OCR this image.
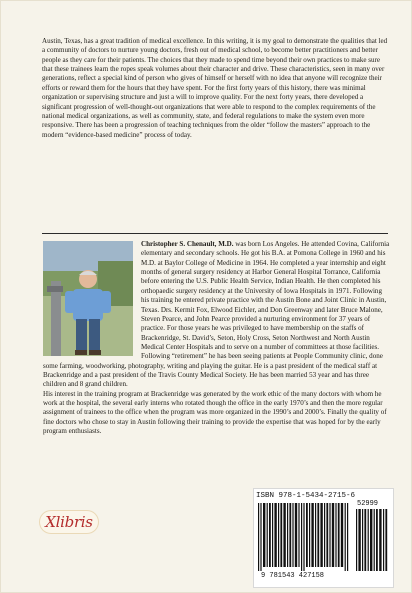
Austin, Texas, has a great tradition of medical excellence. In this writing, it is my goal to demonstrate the qualities that led a community of doctors to nurture young doctors, fresh out of medical school, to become better practitioners and better people as they care for their patients. The choices that they made to spend time beyond their own practices to make sure that these trainees learn the ropes speak volumes about their character and drive. These characteristics, seen in many over generations, reflect a special kind of person who gives of himself or herself with no idea that anyone will recognize their efforts or reward them for the hours that they have spent. For the first forty years of this history, there was minimal organization or supervising structure and just a will to improve quality. For the next forty years, there developed a significant progression of well-thought-out organizations that were able to respond to the complex requirements of the national medical organizations, as well as community, state, and federal regulations to make the system even more responsive. There has been a progression of teaching techniques from the older “follow the masters” approach to the modern “evidence-based medicine” process of today.

Christopher S. Chenault, M.D. was born Los Angeles. He attended Covina, California elementary and secondary schools. He got his B.A. at Pomona College in 1960 and his M.D. at Baylor College of Medicine in 1964. He completed a year internship and eight months of general surgery residency at Harbor General Hospital Torrance, California before entering the U.S. Public Health Service, Indian Health. He then completed his orthopaedic surgery residency at the University of Iowa Hospitals in 1971. Following his training he entered private practice with the Austin Bone and Joint Clinic in Austin, Texas. Drs. Kermit Fox, Elwood Eichler, and Don Greenway and later Bruce Malone, Steven Pearce, and John Pearce provided a nurturing environment for 37 years of practice. For those years he was privileged to have membership on the staffs of Brackenridge, St. David’s, Seton, Holy Cross, Seton Northwest and North Austin Medical Center Hospitals and to serve on a number of committees at those facilities. Following “retirement” he has been seeing patients at People Community clinic, done some farming, woodworking, photography, writing and playing the guitar. He is a past president of the medical staff at Brackenridge and a past president of the Travis County Medical Society. He has been married 53 year and has three children and 8 grand children.

His interest in the training program at Brackenridge was generated by the work ethic of the many doctors with whom he work at the hospital, the several early interns who rotated though the office in the early 1970’s and then the more regular assignment of trainees to the office when the program was more organized in the 1990’s and 2000’s. Finally the quality of fine doctors who chose to stay in Austin following their training to provide the expertise that was hoped for by the early program enthusiasts.

Xlibris
ISBN 978-1-5434-2715-6
52999
9 781543 427158
